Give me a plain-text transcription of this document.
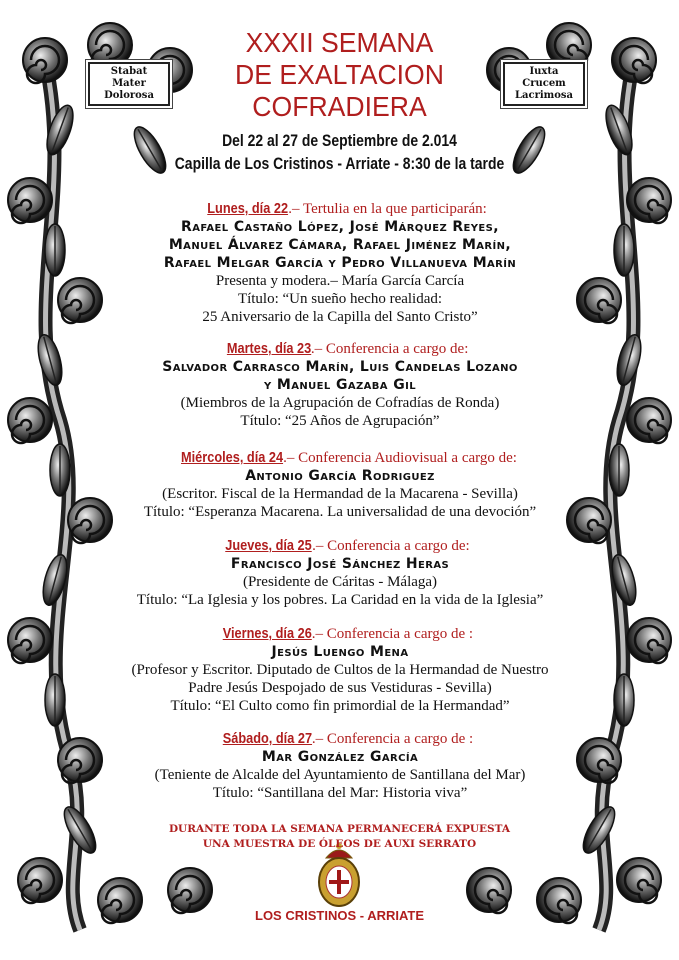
Stabat Mater
Dolorosa
Iuxta Crucem
Lacrimosa
XXXII SEMANA
DE EXALTACION
COFRADIERA
Del 22 al 27 de Septiembre de 2.014
Capilla de Los Cristinos - Arriate - 8:30 de la tarde
Lunes, día 22.– Tertulia en la que participarán:
Rafael Castaño López, José Márquez Reyes,
Manuel Álvarez Cámara, Rafael Jiménez Marín,
Rafael Melgar García y Pedro Villanueva Marín
Presenta y modera.– María García Carcía
Título: “Un sueño hecho realidad:
25 Aniversario de la Capilla del Santo Cristo”
Martes, día 23.– Conferencia a cargo de:
Salvador Carrasco Marín, Luis Candelas Lozano
y Manuel Gazaba Gil
(Miembros de la Agrupación de Cofradías de Ronda)
Título: “25 Años de Agrupación”
Miércoles, día 24.– Conferencia Audiovisual a cargo de:
Antonio García Rodriguez
(Escritor. Fiscal de la Hermandad de la Macarena - Sevilla)
Título: “Esperanza Macarena. La universalidad de una devoción”
Jueves, día 25.– Conferencia a cargo de:
Francisco José Sánchez Heras
(Presidente de Cáritas - Málaga)
Título: “La Iglesia y los pobres. La Caridad en la vida de la Iglesia”
Viernes, día 26.– Conferencia a cargo de :
Jesús Luengo Mena
(Profesor y Escritor. Diputado de Cultos de la Hermandad de Nuestro
Padre Jesús Despojado de sus Vestiduras - Sevilla)
Título: “El Culto como fin primordial de la Hermandad”
Sábado, día 27.– Conferencia a cargo de :
Mar González García
(Teniente de Alcalde del Ayuntamiento de Santillana del Mar)
Título: “Santillana del Mar: Historia viva”
DURANTE TODA LA SEMANA PERMANECERÁ EXPUESTA
UNA MUESTRA DE ÓLEOS DE AUXI SERRATO
LOS CRISTINOS - ARRIATE
